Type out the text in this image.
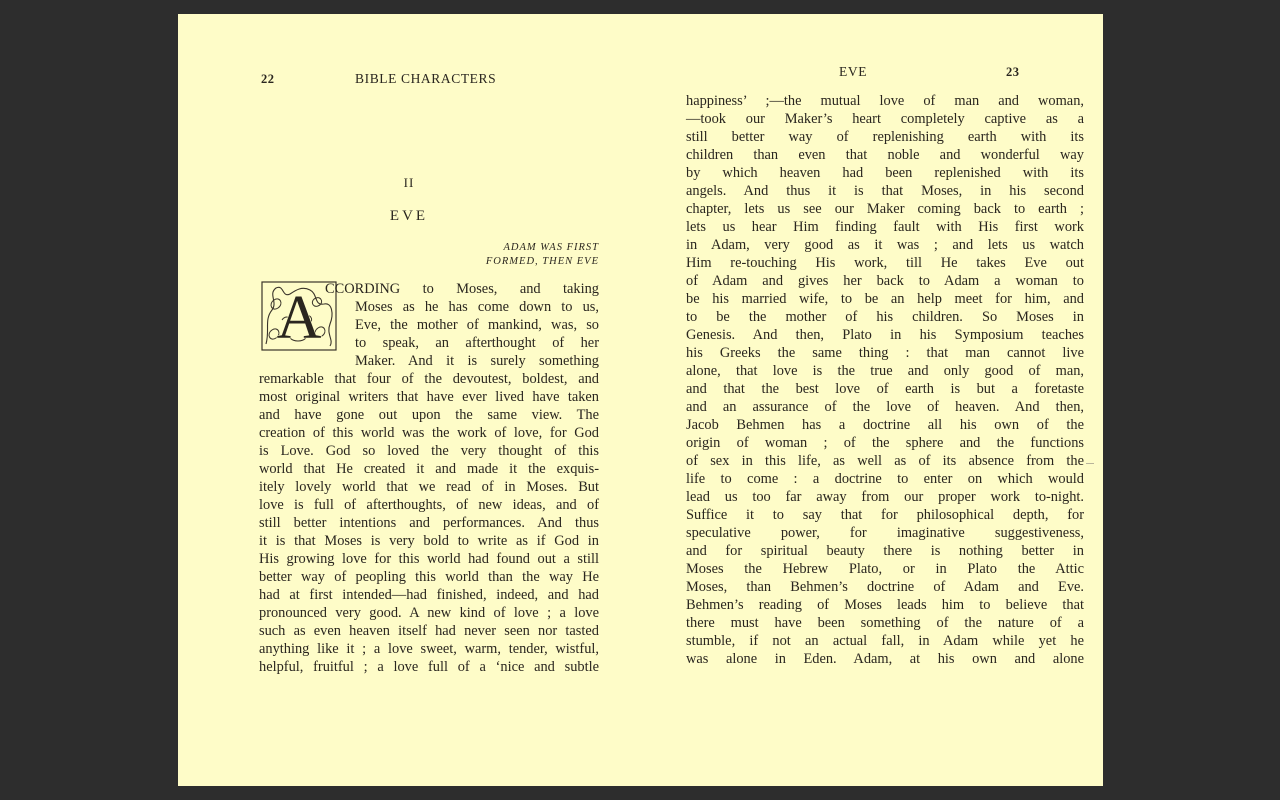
22	BIBLE CHARACTERS
II
EVE
ADAM WAS FIRST
FORMED, THEN EVE
A CCORDING to Moses, and taking
Moses as he has come down to us,
Eve, the mother of mankind, was, so
to speak, an afterthought of her
Maker. And it is surely something
remarkable that four of the devoutest, boldest, and
most original writers that have ever lived have taken
and have gone out upon the same view. The
creation of this world was the work of love, for God
is Love. God so loved the very thought of this
world that He created it and made it the exquis-
itely lovely world that we read of in Moses. But
love is full of afterthoughts, of new ideas, and of
still better intentions and performances. And thus
it is that Moses is very bold to write as if God in
His growing love for this world had found out a still
better way of peopling this world than the way He
had at first intended—had finished, indeed, and had
pronounced very good. A new kind of love ; a love
such as even heaven itself had never seen nor tasted
anything like it ; a love sweet, warm, tender, wistful,
helpful, fruitful ; a love full of a ‘nice and subtle
EVE	23
happiness’ ;—the mutual love of man and woman,
—took our Maker’s heart completely captive as a
still better way of replenishing earth with its
children than even that noble and wonderful way
by which heaven had been replenished with its
angels. And thus it is that Moses, in his second
chapter, lets us see our Maker coming back to earth ;
lets us hear Him finding fault with His first work
in Adam, very good as it was ; and lets us watch
Him re-touching His work, till He takes Eve out
of Adam and gives her back to Adam a woman to
be his married wife, to be an help meet for him, and
to be the mother of his children. So Moses in
Genesis. And then, Plato in his Symposium teaches
his Greeks the same thing : that man cannot live
alone, that love is the true and only good of man,
and that the best love of earth is but a foretaste
and an assurance of the love of heaven. And then,
Jacob Behmen has a doctrine all his own of the
origin of woman ; of the sphere and the functions
of sex in this life, as well as of its absence from the
life to come : a doctrine to enter on which would
lead us too far away from our proper work to-night.
Suffice it to say that for philosophical depth, for
speculative power, for imaginative suggestiveness,
and for spiritual beauty there is nothing better in
Moses the Hebrew Plato, or in Plato the Attic
Moses, than Behmen’s doctrine of Adam and Eve.
Behmen’s reading of Moses leads him to believe that
there must have been something of the nature of a
stumble, if not an actual fall, in Adam while yet he
was alone in Eden. Adam, at his own and alone
